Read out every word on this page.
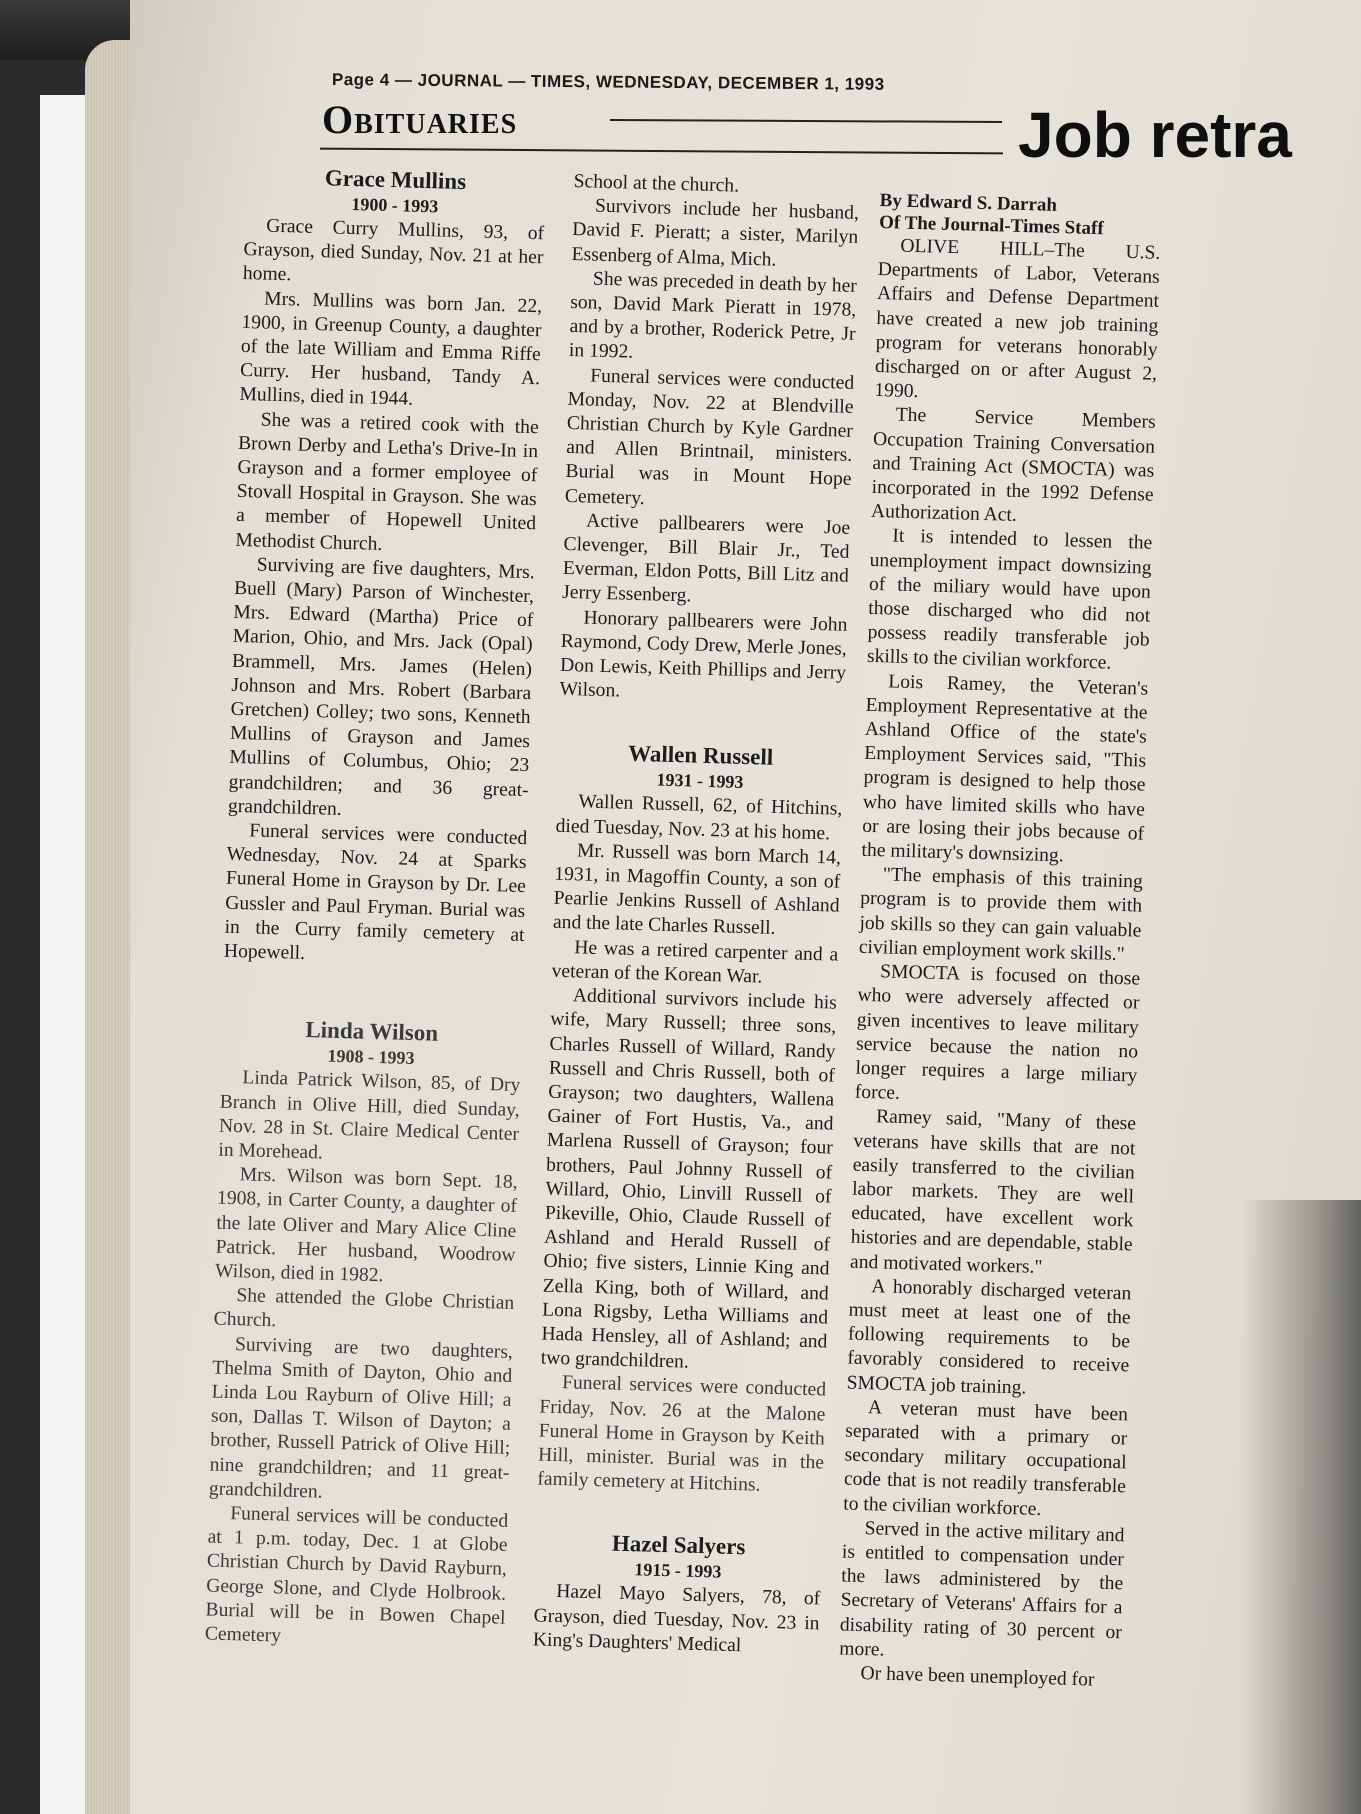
Page 4 — JOURNAL — TIMES, WEDNESDAY, DECEMBER 1, 1993
Obituaries	Job retra
Grace Mullins
1900 - 1993

Grace Curry Mullins, 93, of Grayson, died Sunday, Nov. 21 at her home.

Mrs. Mullins was born Jan. 22, 1900, in Greenup County, a daughter of the late William and Emma Riffe Curry. Her husband, Tandy A. Mullins, died in 1944.

She was a retired cook with the Brown Derby and Letha's Drive-In in Grayson and a former employee of Stovall Hospital in Grayson. She was a member of Hopewell United Methodist Church.

Surviving are five daughters, Mrs. Buell (Mary) Parson of Winchester, Mrs. Edward (Martha) Price of Marion, Ohio, and Mrs. Jack (Opal) Brammell, Mrs. James (Helen) Johnson and Mrs. Robert (Barbara Gretchen) Colley; two sons, Kenneth Mullins of Grayson and James Mullins of Columbus, Ohio; 23 grandchildren; and 36 great-grandchildren.

Funeral services were conducted Wednesday, Nov. 24 at Sparks Funeral Home in Grayson by Dr. Lee Gussler and Paul Fryman. Burial was in the Curry family cemetery at Hopewell.

Linda Wilson
1908 - 1993

Linda Patrick Wilson, 85, of Dry Branch in Olive Hill, died Sunday, Nov. 28 in St. Claire Medical Center in Morehead.

Mrs. Wilson was born Sept. 18, 1908, in Carter County, a daughter of the late Oliver and Mary Alice Cline Patrick. Her husband, Woodrow Wilson, died in 1982.

She attended the Globe Christian Church.

Surviving are two daughters, Thelma Smith of Dayton, Ohio and Linda Lou Rayburn of Olive Hill; a son, Dallas T. Wilson of Dayton; a brother, Russell Patrick of Olive Hill; nine grandchildren; and 11 great-grandchildren.

Funeral services will be conducted at 1 p.m. today, Dec. 1 at Globe Christian Church by David Rayburn, George Slone, and Clyde Holbrook. Burial will be in Bowen Chapel Cemetery

School at the church.

Survivors include her husband, David F. Pieratt; a sister, Marilyn Essenberg of Alma, Mich.

She was preceded in death by her son, David Mark Pieratt in 1978, and by a brother, Roderick Petre, Jr in 1992.

Funeral services were conducted Monday, Nov. 22 at Blendville Christian Church by Kyle Gardner and Allen Brintnail, ministers. Burial was in Mount Hope Cemetery.

Active pallbearers were Joe Clevenger, Bill Blair Jr., Ted Everman, Eldon Potts, Bill Litz and Jerry Essenberg.

Honorary pallbearers were John Raymond, Cody Drew, Merle Jones, Don Lewis, Keith Phillips and Jerry Wilson.

Wallen Russell
1931 - 1993

Wallen Russell, 62, of Hitchins, died Tuesday, Nov. 23 at his home.

Mr. Russell was born March 14, 1931, in Magoffin County, a son of Pearlie Jenkins Russell of Ashland and the late Charles Russell.

He was a retired carpenter and a veteran of the Korean War.

Additional survivors include his wife, Mary Russell; three sons, Charles Russell of Willard, Randy Russell and Chris Russell, both of Grayson; two daughters, Wallena Gainer of Fort Hustis, Va., and Marlena Russell of Grayson; four brothers, Paul Johnny Russell of Willard, Ohio, Linvill Russell of Pikeville, Ohio, Claude Russell of Ashland and Herald Russell of Ohio; five sisters, Linnie King and Zella King, both of Willard, and Lona Rigsby, Letha Williams and Hada Hensley, all of Ashland; and two grandchildren.

Funeral services were conducted Friday, Nov. 26 at the Malone Funeral Home in Grayson by Keith Hill, minister. Burial was in the family cemetery at Hitchins.

Hazel Salyers
1915 - 1993

Hazel Mayo Salyers, 78, of Grayson, died Tuesday, Nov. 23 in King's Daughters' Medical

By Edward S. Darrah
Of The Journal-Times Staff

OLIVE HILL–The U.S. Departments of Labor, Veterans Affairs and Defense Department have created a new job training program for veterans honorably discharged on or after August 2, 1990.

The Service Members Occupation Training Conversation and Training Act (SMOCTA) was incorporated in the 1992 Defense Authorization Act.

It is intended to lessen the unemployment impact downsizing of the miliary would have upon those discharged who did not possess readily transferable job skills to the civilian workforce.

Lois Ramey, the Veteran's Employment Representative at the Ashland Office of the state's Employment Services said, "This program is designed to help those who have limited skills who have or are losing their jobs because of the military's downsizing.

"The emphasis of this training program is to provide them with job skills so they can gain valuable civilian employment work skills."

SMOCTA is focused on those who were adversely affected or given incentives to leave military service because the nation no longer requires a large miliary force.

Ramey said, "Many of these veterans have skills that are not easily transferred to the civilian labor markets. They are well educated, have excellent work histories and are dependable, stable and motivated workers."

A honorably discharged veteran must meet at least one of the following requirements to be favorably considered to receive SMOCTA job training.

A veteran must have been separated with a primary or secondary military occupational code that is not readily transferable to the civilian workforce.

Served in the active military and is entitled to compensation under the laws administered by the Secretary of Veterans' Affairs for a disability rating of 30 percent or more.

Or have been unemployed for
